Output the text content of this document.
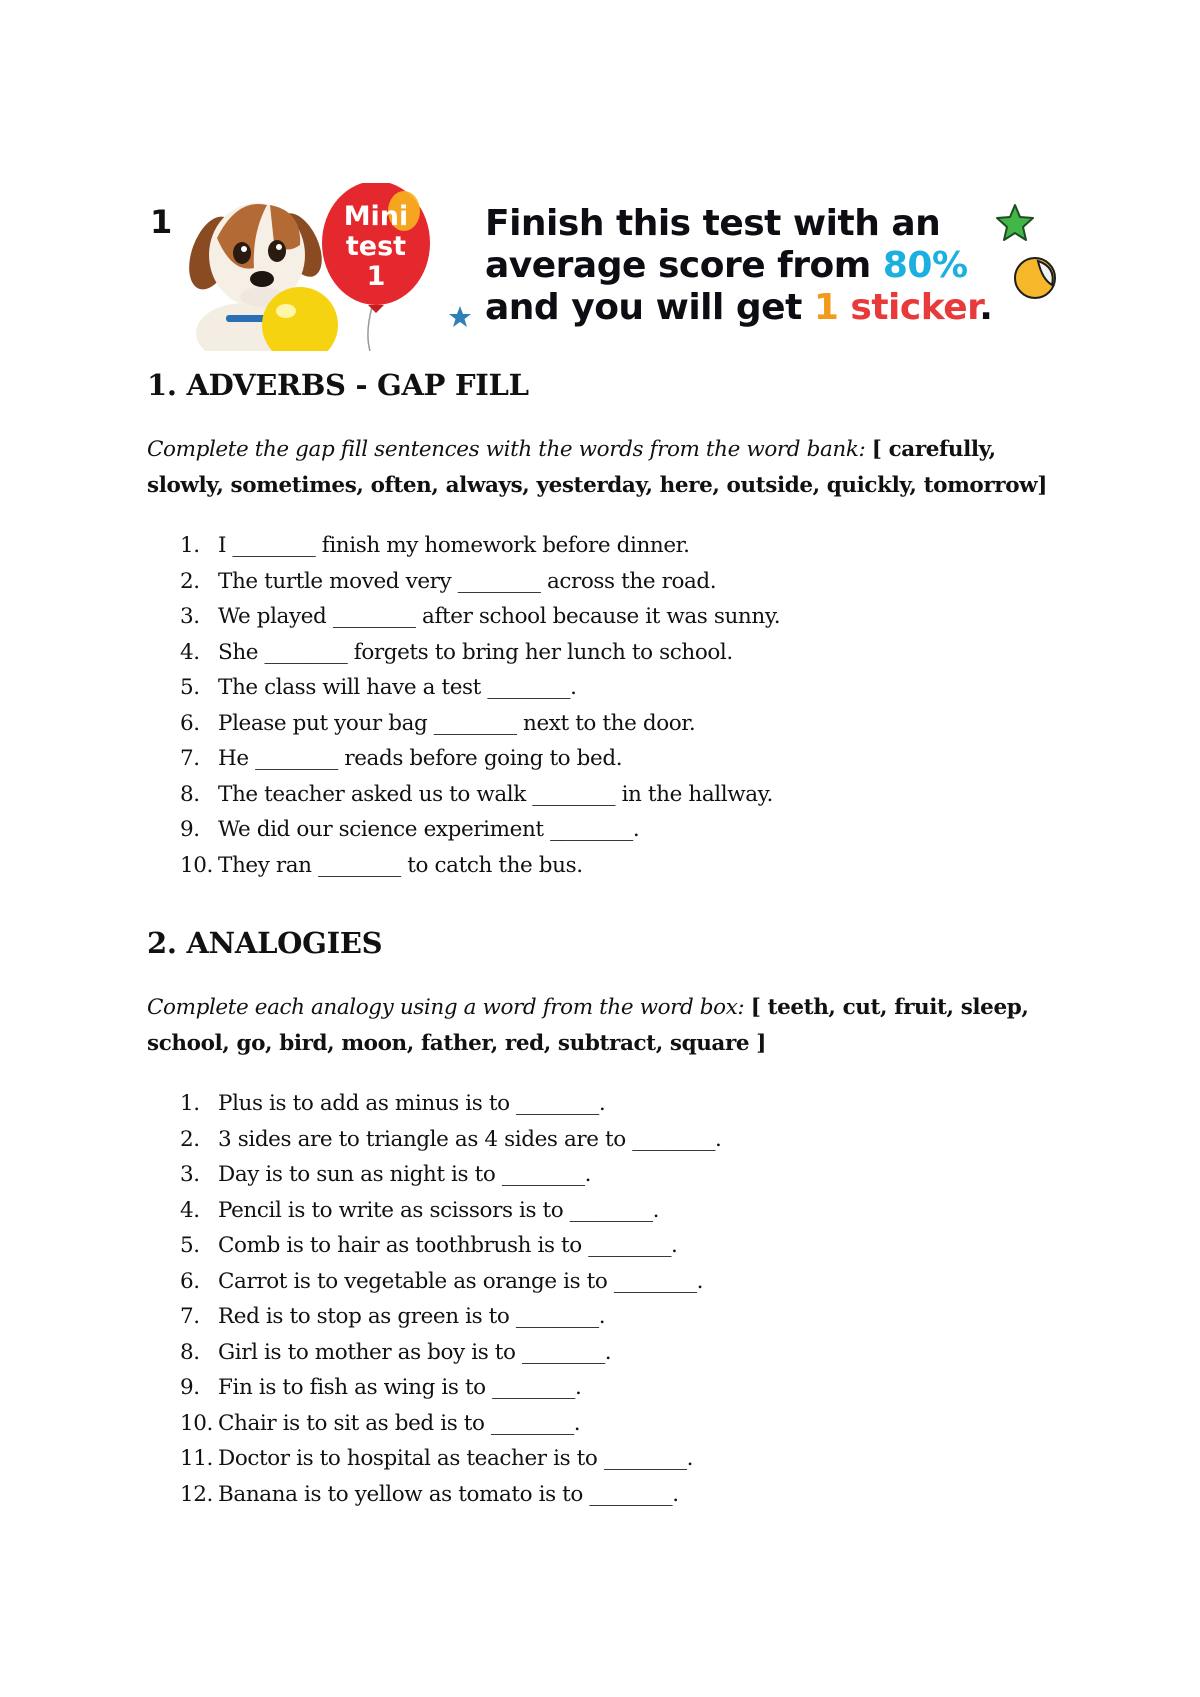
1	Mini
test
1
Finish this test with an
average score from 80%
and you will get 1 sticker.
1. ADVERBS - GAP FILL
Complete the gap fill sentences with the words from the word bank: [ carefully, slowly, sometimes, often, always, yesterday, here, outside, quickly, tomorrow]
1. I ________ finish my homework before dinner.
2. The turtle moved very ________ across the road.
3. We played ________ after school because it was sunny.
4. She ________ forgets to bring her lunch to school.
5. The class will have a test ________.
6. Please put your bag ________ next to the door.
7. He ________ reads before going to bed.
8. The teacher asked us to walk ________ in the hallway.
9. We did our science experiment ________.
10. They ran ________ to catch the bus.
2. ANALOGIES
Complete each analogy using a word from the word box: [ teeth, cut, fruit, sleep, school, go, bird, moon, father, red, subtract, square ]
1. Plus is to add as minus is to ________.
2. 3 sides are to triangle as 4 sides are to ________.
3. Day is to sun as night is to ________.
4. Pencil is to write as scissors is to ________.
5. Comb is to hair as toothbrush is to ________.
6. Carrot is to vegetable as orange is to ________.
7. Red is to stop as green is to ________.
8. Girl is to mother as boy is to ________.
9. Fin is to fish as wing is to ________.
10. Chair is to sit as bed is to ________.
11. Doctor is to hospital as teacher is to ________.
12. Banana is to yellow as tomato is to ________.
